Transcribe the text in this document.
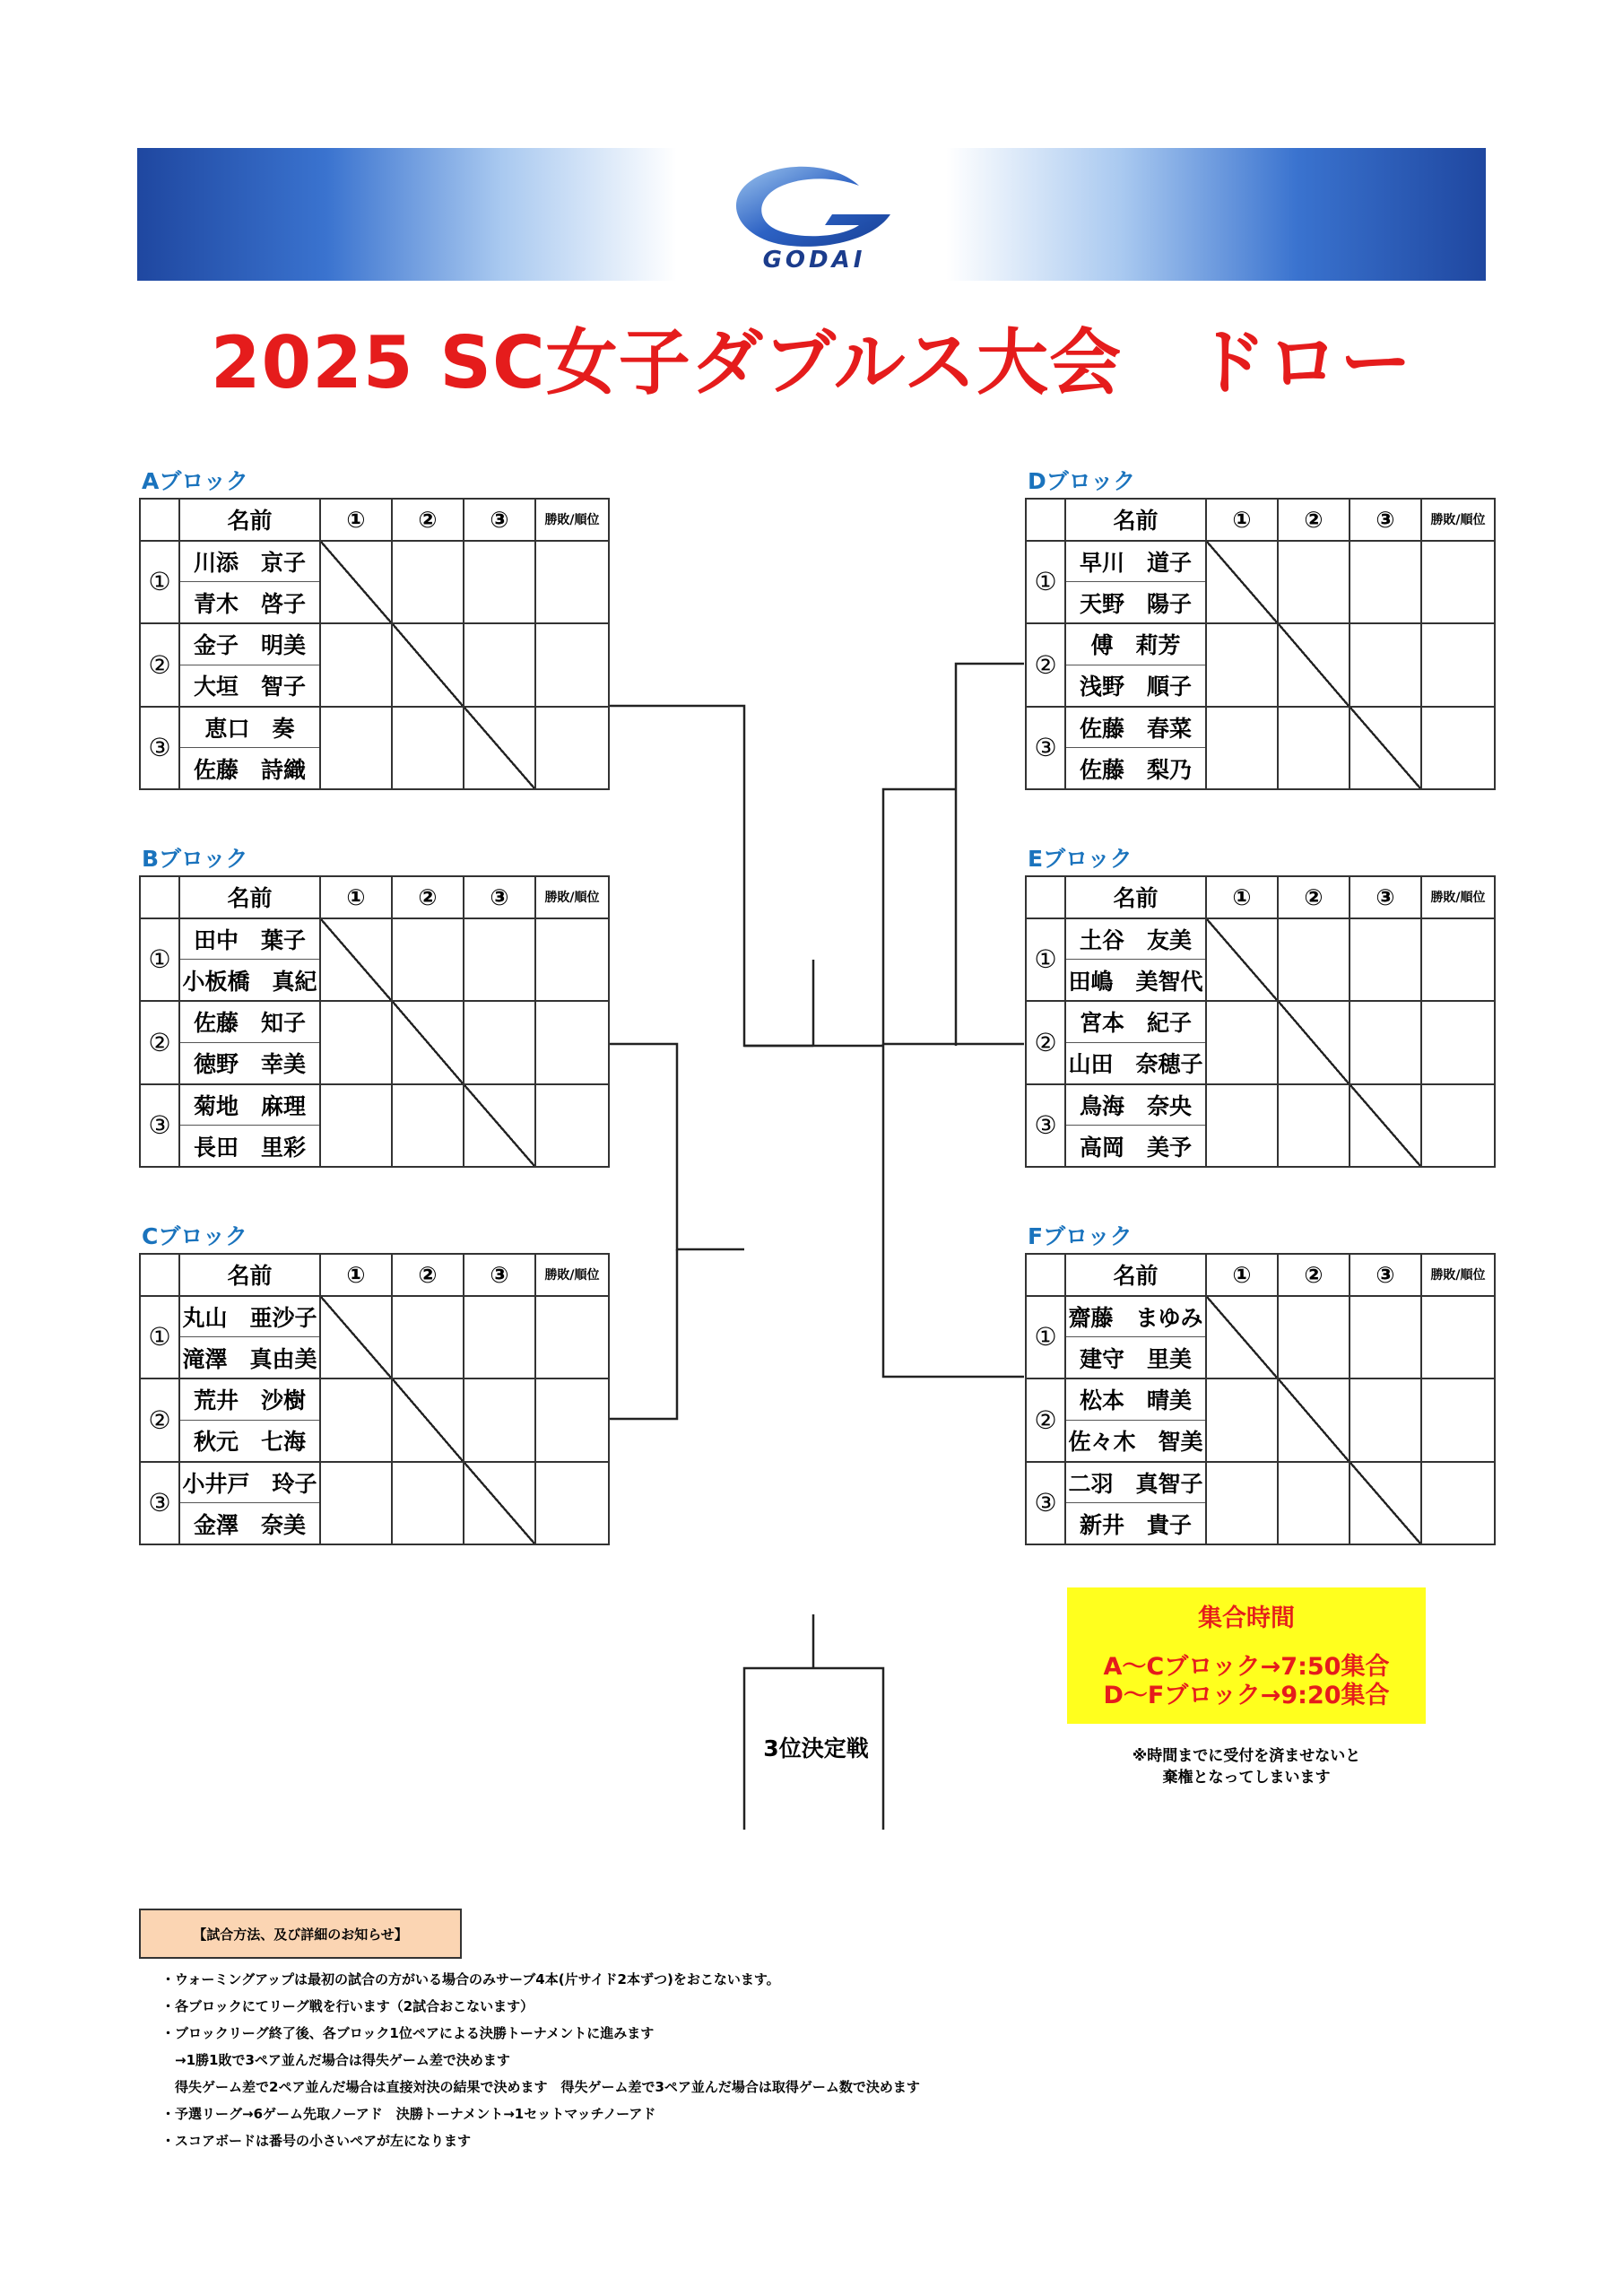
GODAI
2025 SC女子ダブルス大会　ドロー
Aブロック
	名前	①	②	③	勝敗/順位
①	川添　京子				
	青木　啓子				
②	金子　明美				
	大垣　智子				
③	恵口　奏				
	佐藤　詩織				
Bブロック
	名前	①	②	③	勝敗/順位
①	田中　葉子				
	小板橋　真紀				
②	佐藤　知子				
	徳野　幸美				
③	菊地　麻理				
	長田　里彩				
Cブロック
	名前	①	②	③	勝敗/順位
①	丸山　亜沙子				
	滝澤　真由美				
②	荒井　沙樹				
	秋元　七海				
③	小井戸　玲子				
	金澤　奈美				
Dブロック
	名前	①	②	③	勝敗/順位
①	早川　道子				
	天野　陽子				
②	傅　莉芳				
	浅野　順子				
③	佐藤　春菜				
	佐藤　梨乃				
Eブロック
	名前	①	②	③	勝敗/順位
①	土谷　友美				
	田嶋　美智代				
②	宮本　紀子				
	山田　奈穂子				
③	鳥海　奈央				
	高岡　美予				
Fブロック
	名前	①	②	③	勝敗/順位
①	齋藤　まゆみ				
	建守　里美				
②	松本　晴美				
	佐々木　智美				
③	二羽　真智子				
	新井　貴子				
3位決定戦
集合時間
A～Cブロック→7:50集合
D～Fブロック→9:20集合
※時間までに受付を済ませないと
棄権となってしまいます
【試合方法、及び詳細のお知らせ】
・ウォーミングアップは最初の試合の方がいる場合のみサーブ4本(片サイド2本ずつ)をおこないます。
・各ブロックにてリーグ戦を行います（2試合おこないます）
・ブロックリーグ終了後、各ブロック1位ペアによる決勝トーナメントに進みます
　→1勝1敗で3ペア並んだ場合は得失ゲーム差で決めます
　得失ゲーム差で2ペア並んだ場合は直接対決の結果で決めます　得失ゲーム差で3ペア並んだ場合は取得ゲーム数で決めます
・予選リーグ→6ゲーム先取ノーアド　決勝トーナメント→1セットマッチノーアド
・スコアボードは番号の小さいペアが左になります
